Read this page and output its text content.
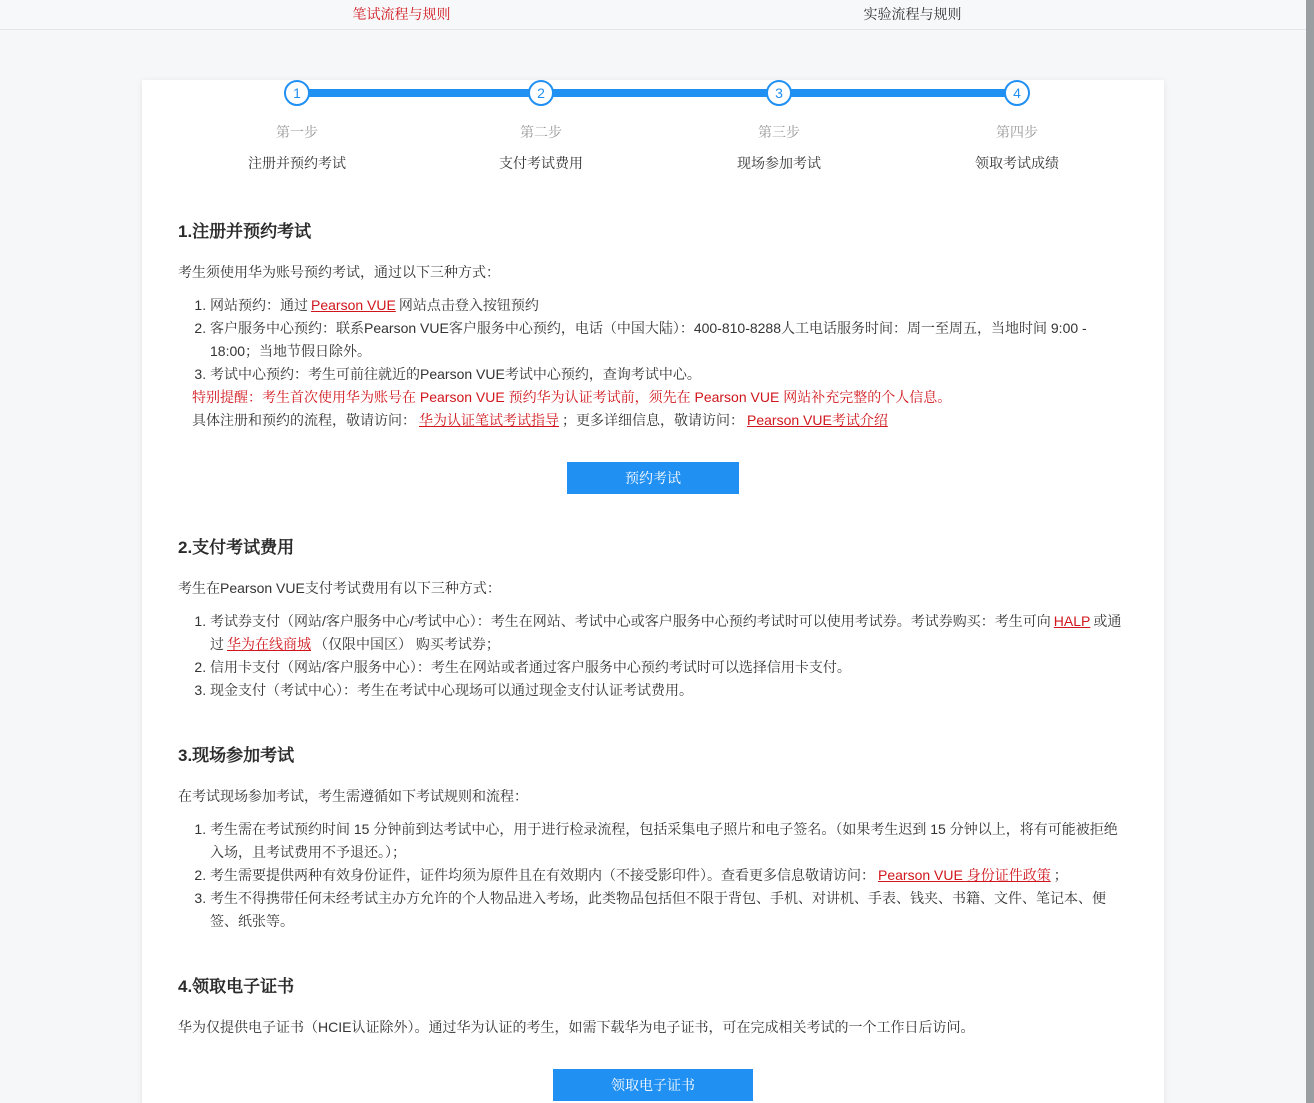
笔试流程与规则	实验流程与规则
1
第一步
注册并预约考试
2
第二步
支付考试费用
3
第三步
现场参加考试
4
第四步
领取考试成绩
1.注册并预约考试
考生须使用华为账号预约考试，通过以下三种方式：
1. 网站预约：通过 Pearson VUE 网站点击登入按钮预约
2. 客户服务中心预约：联系Pearson VUE客户服务中心预约，电话（中国大陆）：400-810-8288人工电话服务时间：周一至周五，当地时间 9:00 - 18:00；当地节假日除外。
3. 考试中心预约：考生可前往就近的Pearson VUE考试中心预约，查询考试中心。
特别提醒：考生首次使用华为账号在 Pearson VUE 预约华为认证考试前，须先在 Pearson VUE 网站补充完整的个人信息。
具体注册和预约的流程，敬请访问： 华为认证笔试考试指导 ；更多详细信息，敬请访问： Pearson VUE考试介绍
预约考试
2.支付考试费用
考生在Pearson VUE支付考试费用有以下三种方式：
1. 考试券支付（网站/客户服务中心/考试中心）：考生在网站、考试中心或客户服务中心预约考试时可以使用考试券。考试券购买：考生可向 HALP 或通过 华为在线商城 （仅限中国区） 购买考试券；
2. 信用卡支付（网站/客户服务中心）：考生在网站或者通过客户服务中心预约考试时可以选择信用卡支付。
3. 现金支付（考试中心）：考生在考试中心现场可以通过现金支付认证考试费用。
3.现场参加考试
在考试现场参加考试，考生需遵循如下考试规则和流程：
1. 考生需在考试预约时间 15 分钟前到达考试中心，用于进行检录流程，包括采集电子照片和电子签名。（如果考生迟到 15 分钟以上，将有可能被拒绝入场，且考试费用不予退还。）；
2. 考生需要提供两种有效身份证件，证件均须为原件且在有效期内（不接受影印件）。查看更多信息敬请访问： Pearson VUE 身份证件政策 ；
3. 考生不得携带任何未经考试主办方允许的个人物品进入考场，此类物品包括但不限于背包、手机、对讲机、手表、钱夹、书籍、文件、笔记本、便签、纸张等。
4.领取电子证书
华为仅提供电子证书（HCIE认证除外）。通过华为认证的考生，如需下载华为电子证书，可在完成相关考试的一个工作日后访问。
领取电子证书
